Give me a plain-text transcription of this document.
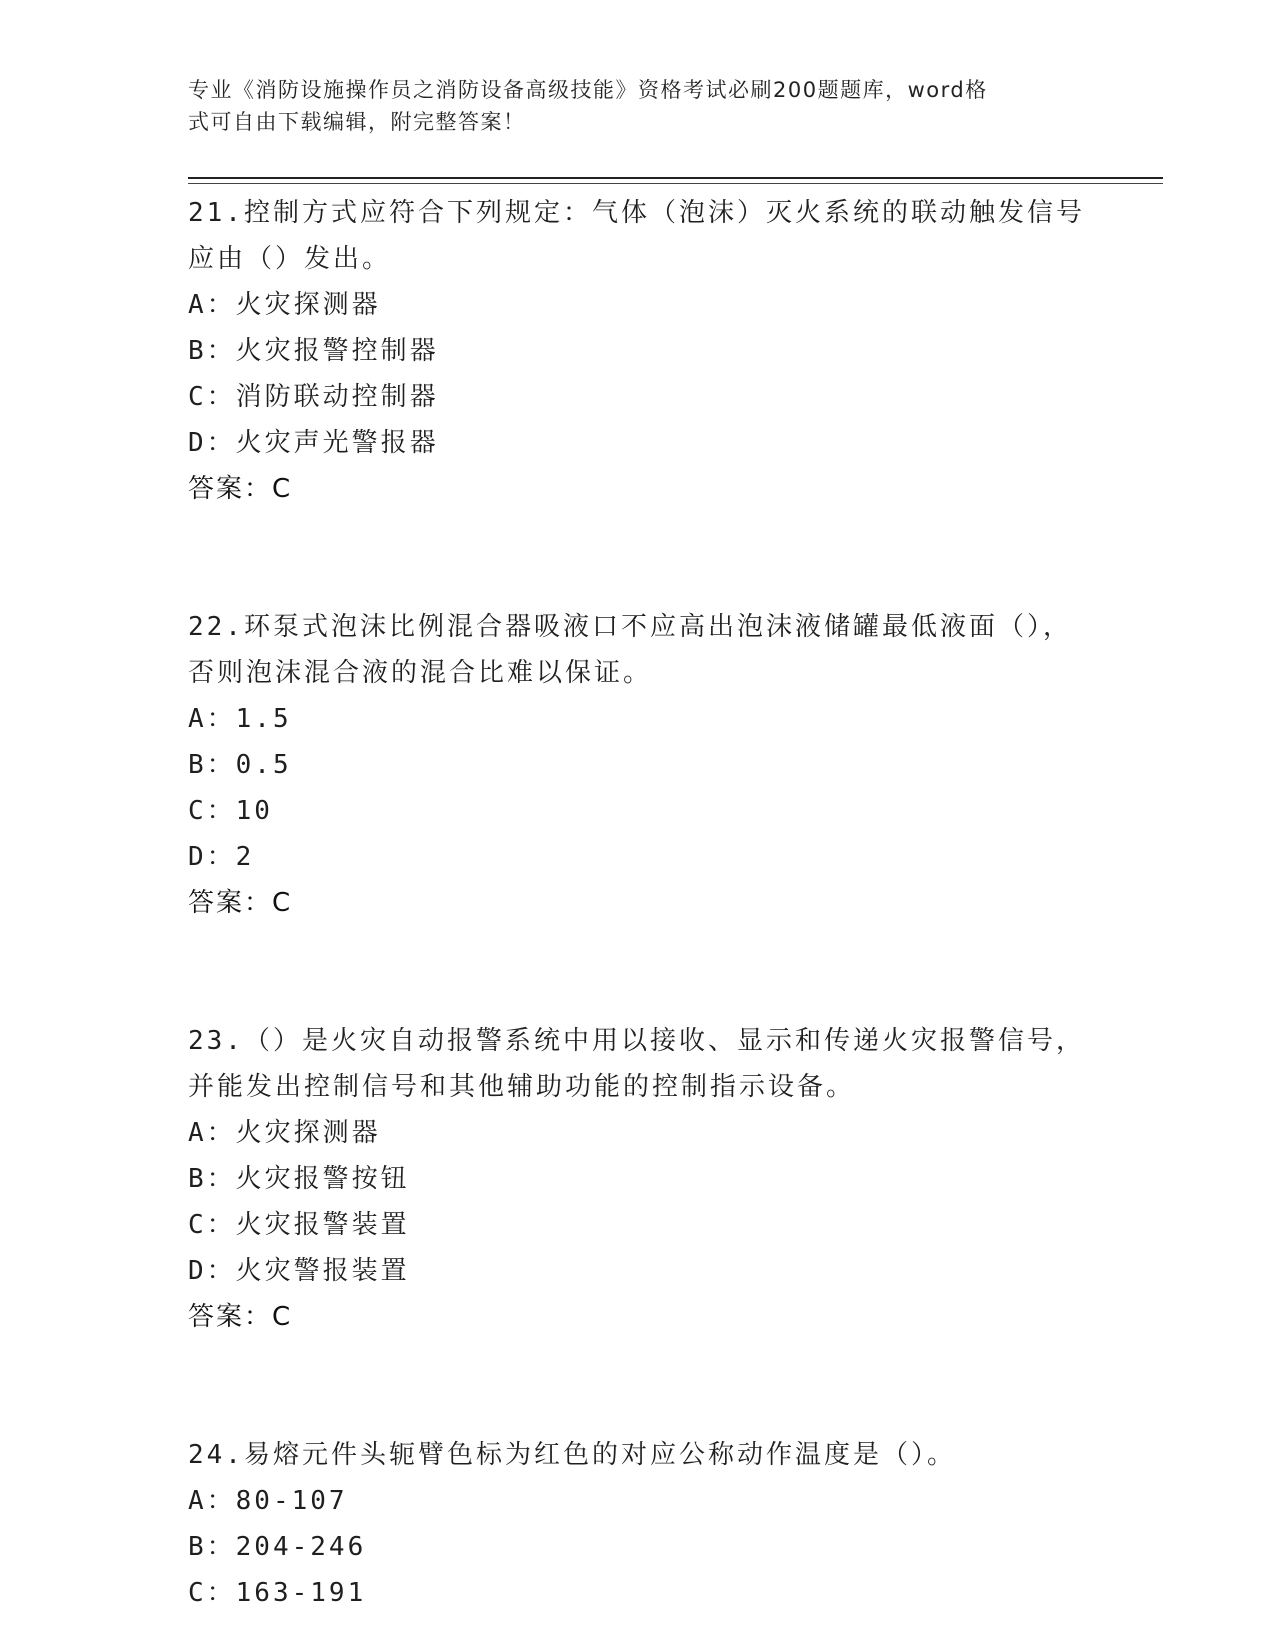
专业《消防设施操作员之消防设备高级技能》资格考试必刷200题题库，word格
式可自由下载编辑，附完整答案！
21.控制方式应符合下列规定：气体（泡沫）灭火系统的联动触发信号
应由（）发出。
A：火灾探测器
B：火灾报警控制器
C：消防联动控制器
D：火灾声光警报器
答案：C
22.环泵式泡沫比例混合器吸液口不应高出泡沫液储罐最低液面（），
否则泡沫混合液的混合比难以保证。
A：1.5
B：0.5
C：10
D：2
答案：C
23.（）是火灾自动报警系统中用以接收、显示和传递火灾报警信号，
并能发出控制信号和其他辅助功能的控制指示设备。
A：火灾探测器
B：火灾报警按钮
C：火灾报警装置
D：火灾警报装置
答案：C
24.易熔元件头轭臂色标为红色的对应公称动作温度是（）。
A：80-107
B：204-246
C：163-191
